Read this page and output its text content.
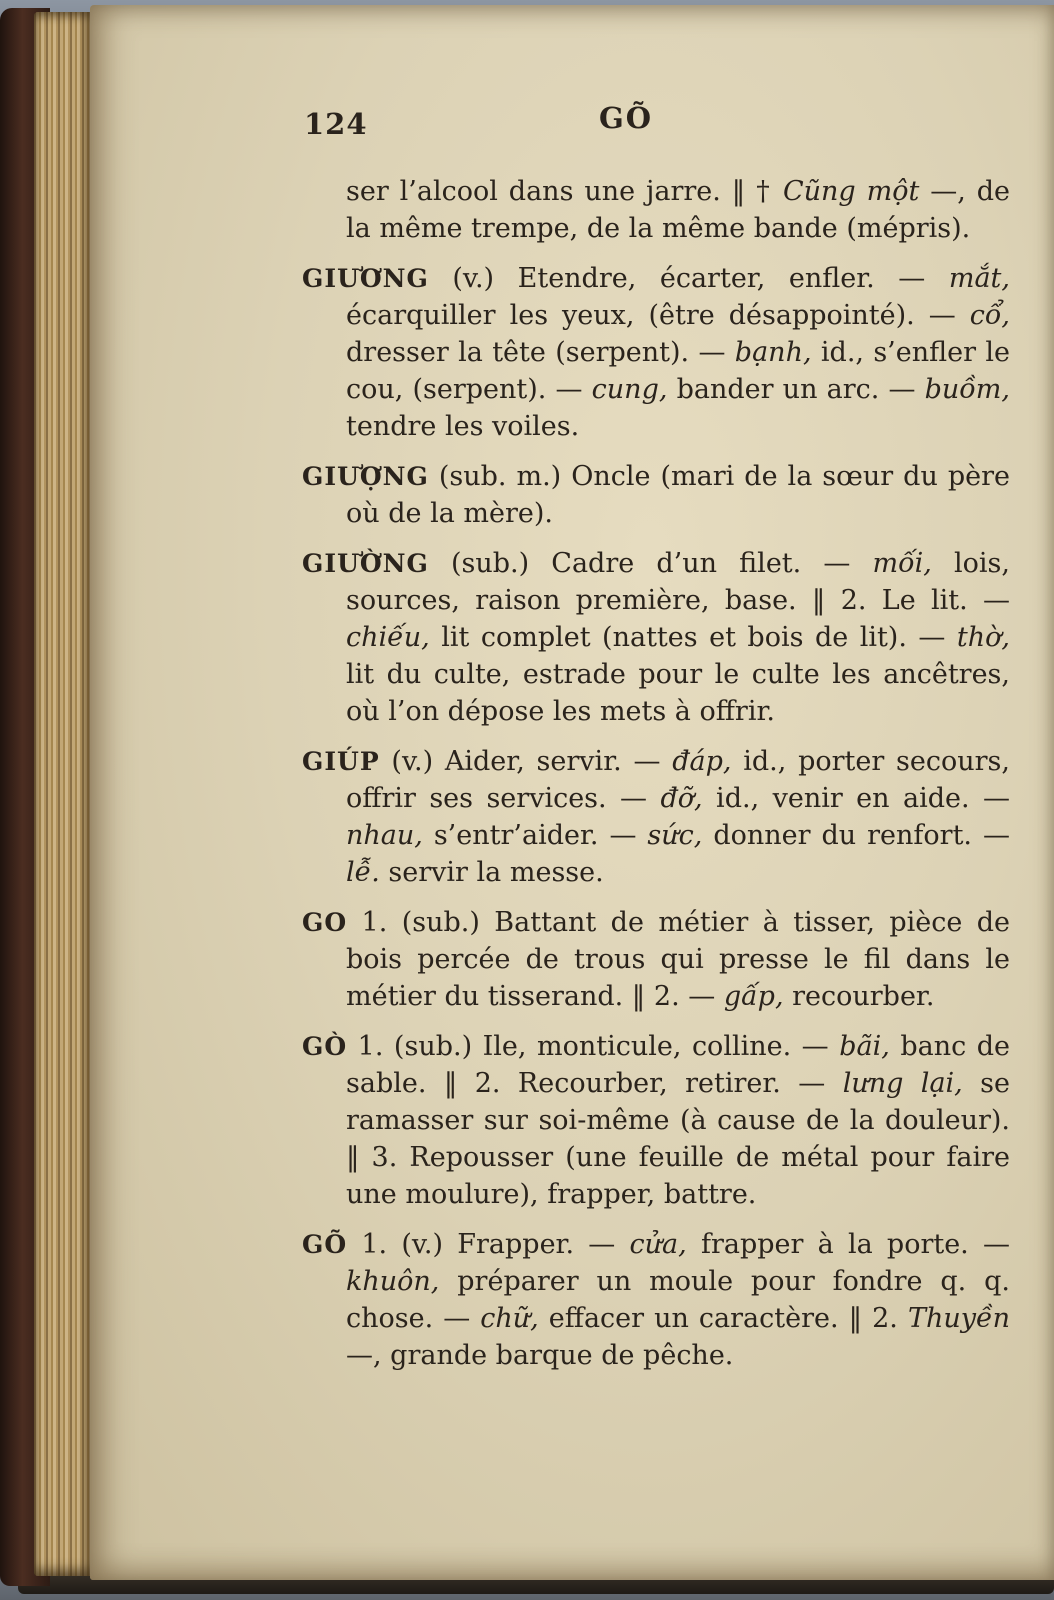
124	GÕ

ser l’alcool dans une jarre. ‖ † Cũng một —, de la même trempe, de la même bande (mépris).

GIƯƠNG (v.) Etendre, écarter, enfler. — mắt, écarquiller les yeux, (être désappointé). — cổ, dresser la tête (serpent). — bạnh, id., s’enfler le cou, (serpent). — cung, bander un arc. — buồm, tendre les voiles.

GIƯỢNG (sub. m.) Oncle (mari de la sœur du père où de la mère).

GIƯỜNG (sub.) Cadre d’un filet. — mối, lois, sources, raison première, base. ‖ 2. Le lit. — chiếu, lit complet (nattes et bois de lit). — thờ, lit du culte, estrade pour le culte les ancêtres, où l’on dépose les mets à offrir.

GIÚP (v.) Aider, servir. — đáp, id., porter secours, offrir ses services. — đỡ, id., venir en aide. — nhau, s’entr’aider. — sức, donner du renfort. — lễ. servir la messe.

GO 1. (sub.) Battant de métier à tisser, pièce de bois percée de trous qui presse le fil dans le métier du tisserand. ‖ 2. — gấp, recourber.

GÒ 1. (sub.) Ile, monticule, colline. — bãi, banc de sable. ‖ 2. Recourber, retirer. — lưng lại, se ramasser sur soi-même (à cause de la douleur). ‖ 3. Repousser (une feuille de métal pour faire une moulure), frapper, battre.

GÕ 1. (v.) Frapper. — cửa, frapper à la porte. — khuôn, préparer un moule pour fondre q. q. chose. — chữ, effacer un caractère. ‖ 2. Thuyền —, grande barque de pêche.
